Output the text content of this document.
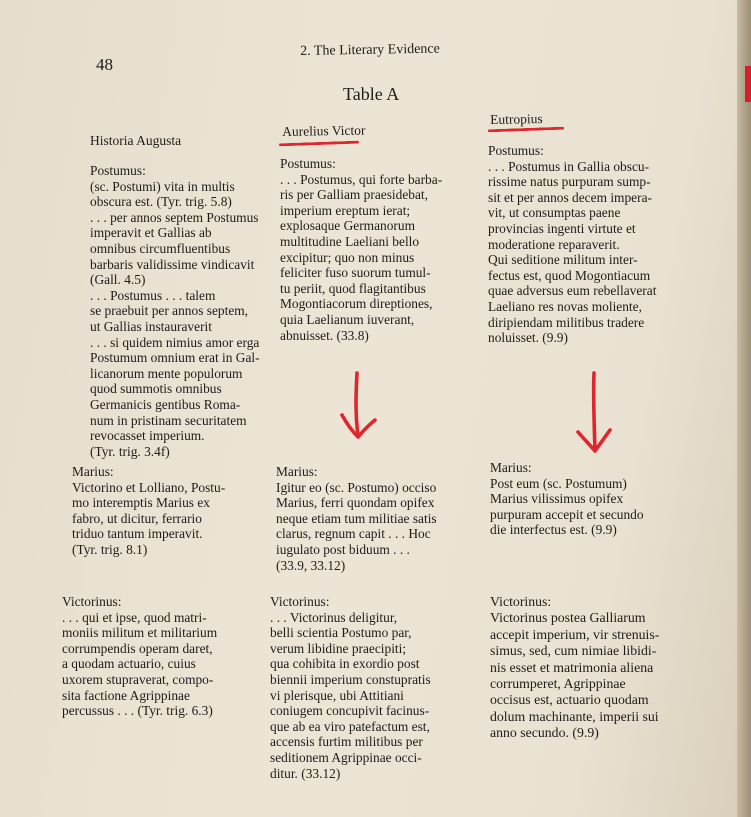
48
2. The Literary Evidence
Table A
Historia Augusta
Aurelius Victor
Eutropius
Postumus:
(sc. Postumi) vita in multis
obscura est. (Tyr. trig. 5.8)
. . . per annos septem Postumus
imperavit et Gallias ab
omnibus circumfluentibus
barbaris validissime vindicavit
(Gall. 4.5)
. . . Postumus . . . talem
se praebuit per annos septem,
ut Gallias instauraverit
. . . si quidem nimius amor erga
Postumum omnium erat in Gal-
licanorum mente populorum
quod summotis omnibus
Germanicis gentibus Roma-
num in pristinam securitatem
revocasset imperium.
(Tyr. trig. 3.4f)
Marius:
Victorino et Lolliano, Postu-
mo interemptis Marius ex
fabro, ut dicitur, ferrario
triduo tantum imperavit.
(Tyr. trig. 8.1)
Victorinus:
. . . qui et ipse, quod matri-
moniis militum et militarium
corrumpendis operam daret,
a quodam actuario, cuius
uxorem stupraverat, compo-
sita factione Agrippinae
percussus . . . (Tyr. trig. 6.3)
Postumus:
. . . Postumus, qui forte barba-
ris per Galliam praesidebat,
imperium ereptum ierat;
explosaque Germanorum
multitudine Laeliani bello
excipitur; quo non minus
feliciter fuso suorum tumul-
tu periit, quod flagitantibus
Mogontiacorum direptiones,
quia Laelianum iuverant,
abnuisset. (33.8)
Marius:
Igitur eo (sc. Postumo) occiso
Marius, ferri quondam opifex
neque etiam tum militiae satis
clarus, regnum capit . . . Hoc
iugulato post biduum . . .
(33.9, 33.12)
Victorinus:
. . . Victorinus deligitur,
belli scientia Postumo par,
verum libidine praecipiti;
qua cohibita in exordio post
biennii imperium constupratis
vi plerisque, ubi Attitiani
coniugem concupivit facinus-
que ab ea viro patefactum est,
accensis furtim militibus per
seditionem Agrippinae occi-
ditur. (33.12)
Postumus:
. . . Postumus in Gallia obscu-
rissime natus purpuram sump-
sit et per annos decem impera-
vit, ut consumptas paene
provincias ingenti virtute et
moderatione reparaverit.
Qui seditione militum inter-
fectus est, quod Mogontiacum
quae adversus eum rebellaverat
Laeliano res novas moliente,
diripiendam militibus tradere
noluisset. (9.9)
Marius:
Post eum (sc. Postumum)
Marius vilissimus opifex
purpuram accepit et secundo
die interfectus est. (9.9)
Victorinus:
Victorinus postea Galliarum
accepit imperium, vir strenuis-
simus, sed, cum nimiae libidi-
nis esset et matrimonia aliena
corrumperet, Agrippinae
occisus est, actuario quodam
dolum machinante, imperii sui
anno secundo. (9.9)
